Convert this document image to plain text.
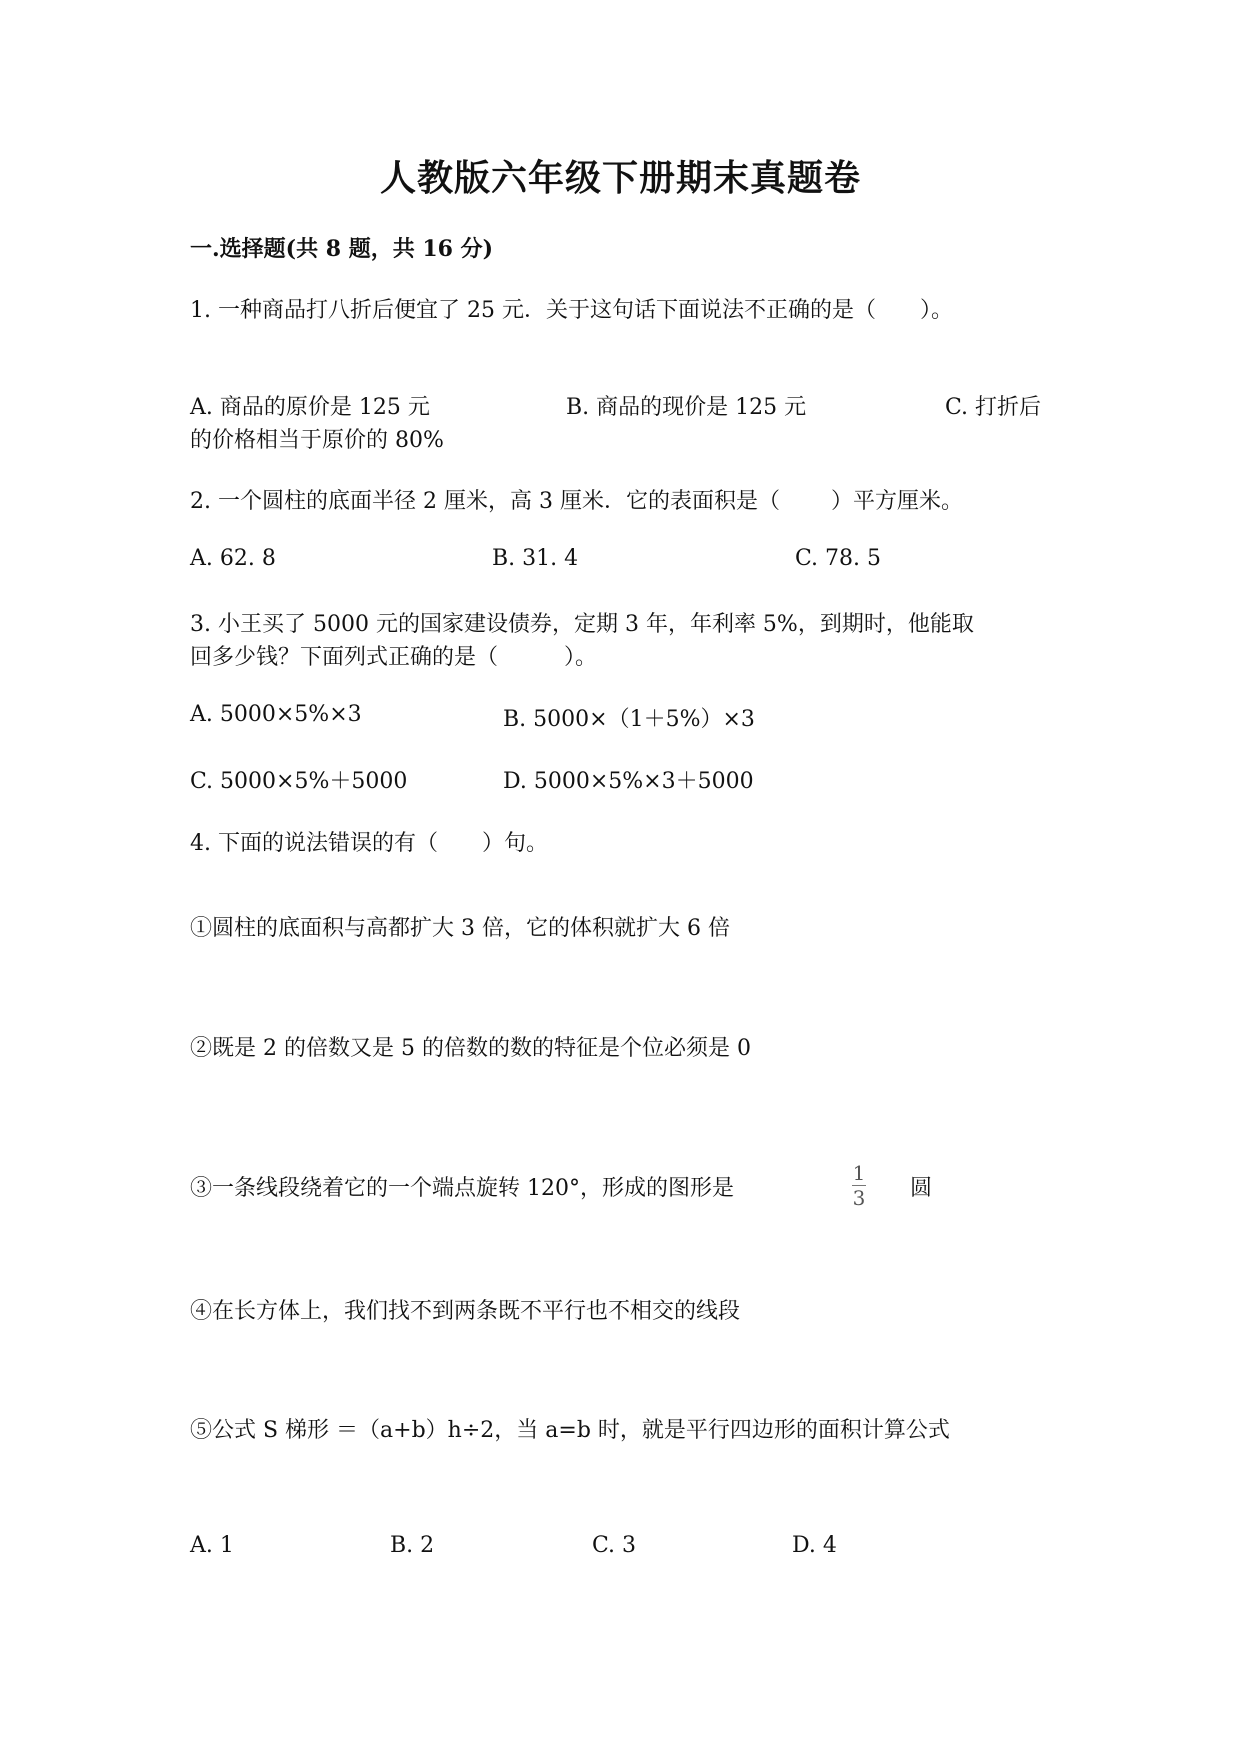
人教版六年级下册期末真题卷
一.选择题(共 8 题，共 16 分)
1. 一种商品打八折后便宜了 25 元．关于这句话下面说法不正确的是（　　）。
A. 商品的原价是 125 元	B. 商品的现价是 125 元	C. 打折后
的价格相当于原价的 80%
2. 一个圆柱的底面半径 2 厘米，高 3 厘米．它的表面积是（　　 ）平方厘米。
A. 62. 8	B. 31. 4	C. 78. 5
3. 小王买了 5000 元的国家建设债券，定期 3 年，年利率 5%，到期时，他能取
回多少钱？下面列式正确的是（　　　）。
A. 5000×5%×3	B. 5000×（1＋5%）×3
C. 5000×5%＋5000	D. 5000×5%×3＋5000
4. 下面的说法错误的有（　　）句。
①圆柱的底面积与高都扩大 3 倍，它的体积就扩大 6 倍
②既是 2 的倍数又是 5 的倍数的数的特征是个位必须是 0
③一条线段绕着它的一个端点旋转 120°，形成的图形是
1
3 圆
④在长方体上，我们找不到两条既不平行也不相交的线段
⑤公式 S 梯形 ＝（a+b）h÷2，当 a=b 时，就是平行四边形的面积计算公式
A. 1	B. 2	C. 3	D. 4
